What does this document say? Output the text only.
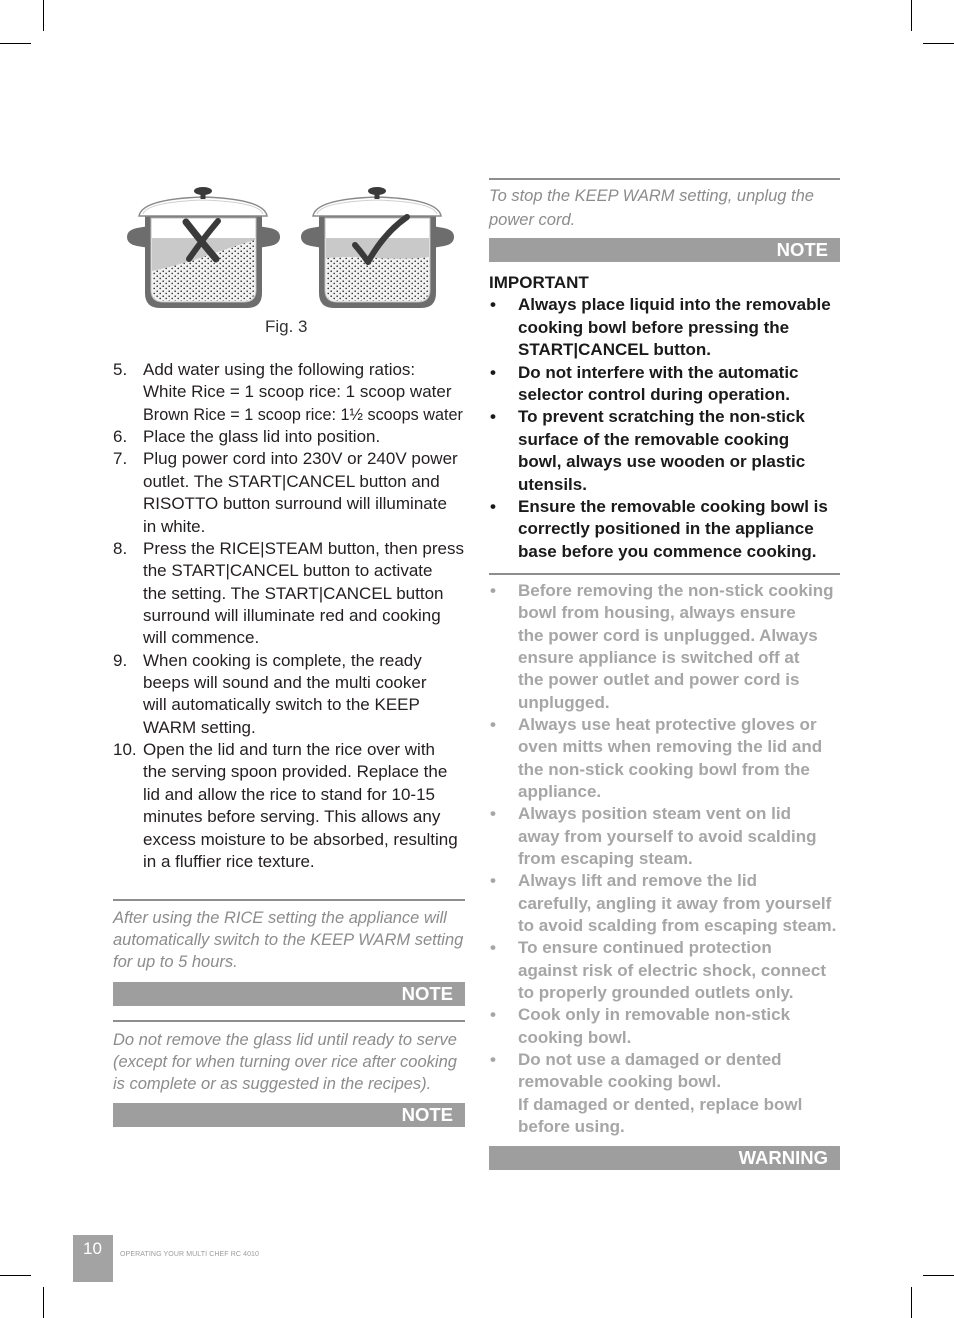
Fig. 3
5. Add water using the following ratios:
White Rice = 1 scoop rice: 1 scoop water
Brown Rice = 1 scoop rice: 1½ scoops water
6. Place the glass lid into position.
7. Plug power cord into 230V or 240V power
outlet. The START|CANCEL button and
RISOTTO button surround will illuminate
in white.
8. Press the RICE|STEAM button, then press
the START|CANCEL button to activate
the setting. The START|CANCEL button
surround will illuminate red and cooking
will commence.
9. When cooking is complete, the ready
beeps will sound and the multi cooker
will automatically switch to the KEEP
WARM setting.
10. Open the lid and turn the rice over with
the serving spoon provided. Replace the
lid and allow the rice to stand for 10-15
minutes before serving. This allows any
excess moisture to be absorbed, resulting
in a fluffier rice texture.
After using the RICE setting the appliance will
automatically switch to the KEEP WARM setting
for up to 5 hours.
NOTE
Do not remove the glass lid until ready to serve
(except for when turning over rice after cooking
is complete or as suggested in the recipes).
NOTE
To stop the KEEP WARM setting, unplug the
power cord.
NOTE
IMPORTANT
• Always place liquid into the removable
cooking bowl before pressing the
START|CANCEL button.
• Do not interfere with the automatic
selector control during operation.
• To prevent scratching the non-stick
surface of the removable cooking
bowl, always use wooden or plastic
utensils.
• Ensure the removable cooking bowl is
correctly positioned in the appliance
base before you commence cooking.
• Before removing the non-stick cooking
bowl from housing, always ensure
the power cord is unplugged. Always
ensure appliance is switched off at
the power outlet and power cord is
unplugged.
• Always use heat protective gloves or
oven mitts when removing the lid and
the non-stick cooking bowl from the
appliance.
• Always position steam vent on lid
away from yourself to avoid scalding
from escaping steam.
• Always lift and remove the lid
carefully, angling it away from yourself
to avoid scalding from escaping steam.
• To ensure continued protection
against risk of electric shock, connect
to properly grounded outlets only.
• Cook only in removable non-stick
cooking bowl.
• Do not use a damaged or dented
removable cooking bowl.
If damaged or dented, replace bowl
before using.
WARNING
10	OPERATING YOUR MULTI CHEF RC 4010
